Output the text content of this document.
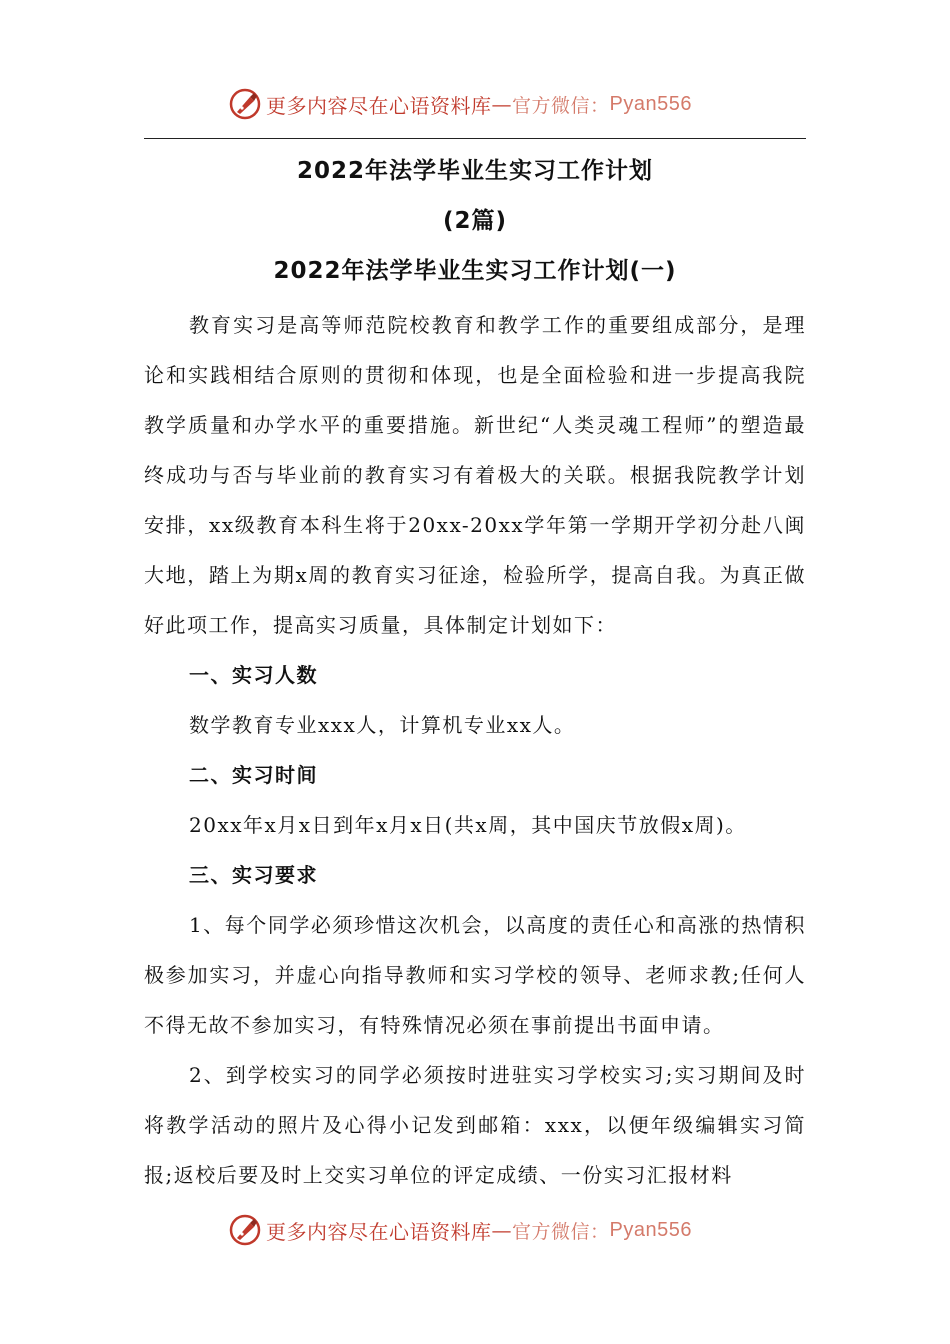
更多内容尽在心语资料库 — 官方微信： Pyan556
2022年法学毕业生实习工作计划
(2篇)
2022年法学毕业生实习工作计划(一)

教育实习是高等师范院校教育和教学工作的重要组成部分，是理论和实践相结合原则的贯彻和体现，也是全面检验和进一步提高我院教学质量和办学水平的重要措施。新世纪“人类灵魂工程师”的塑造最终成功与否与毕业前的教育实习有着极大的关联。根据我院教学计划安排，xx级教育本科生将于20xx-20xx学年第一学期开学初分赴八闽大地，踏上为期x周的教育实习征途，检验所学，提高自我。为真正做好此项工作，提高实习质量，具体制定计划如下：

一、实习人数

数学教育专业xxx人，计算机专业xx人。

二、实习时间

20xx年x月x日到年x月x日(共x周，其中国庆节放假x周)。

三、实习要求

1、每个同学必须珍惜这次机会，以高度的责任心和高涨的热情积极参加实习，并虚心向指导教师和实习学校的领导、老师求教;任何人不得无故不参加实习，有特殊情况必须在事前提出书面申请。

2、到学校实习的同学必须按时进驻实习学校实习;实习期间及时将教学活动的照片及心得小记发到邮箱：xxx，以便年级编辑实习简报;返校后要及时上交实习单位的评定成绩、一份实习汇报材料

更多内容尽在心语资料库 — 官方微信： Pyan556
